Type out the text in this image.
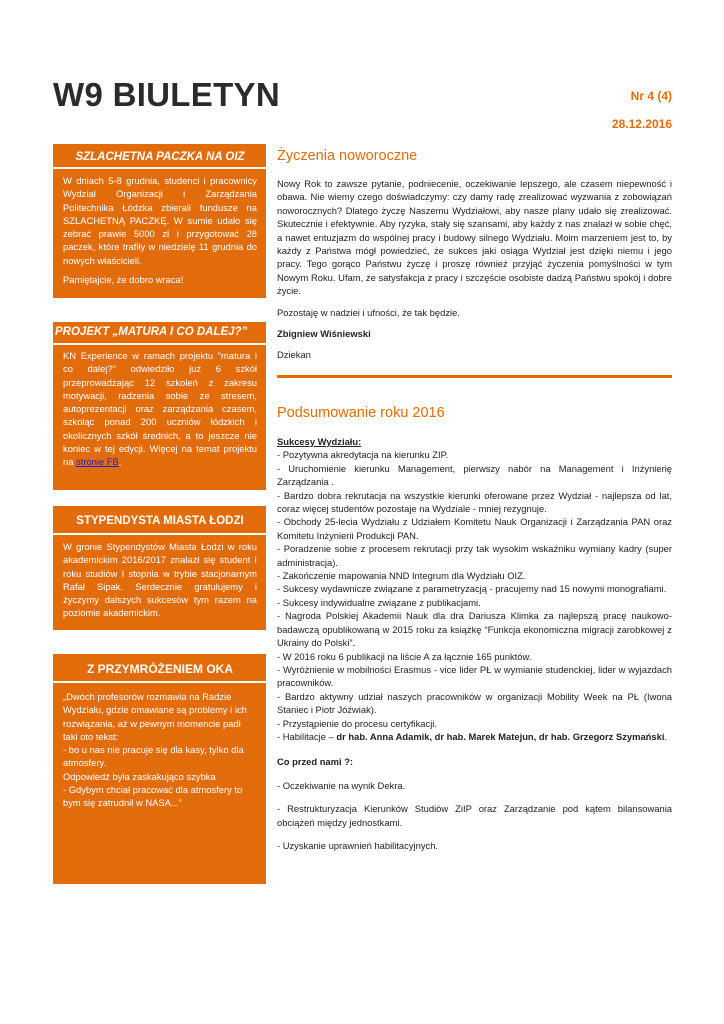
W9 BIULETYN	Nr 4 (4)
28.12.2016
SZLACHETNA PACZKA NA OIZ

W dniach 5-8 grudnia, studenci i pracownicy Wydział Organizacji i Zarządzania Politechnika Łódzka zbierali fundusze na SZLACHETNĄ PACZKĘ. W sumie udało się zebrać prawie 5000 zł i przygotować 28 paczek, które trafiły w niedzielę 11 grudnia do nowych właścicieli.

Pamiętajcie, że dobro wraca!

PROJEKT „MATURA I CO DALEJ?”

KN Experience w ramach projektu "matura i co dalej?" odwiedziło już 6 szkół przeprowadzając 12 szkoleń z zakresu motywacji, radzenia sobie ze stresem, autoprezentacji oraz zarządzania czasem, szkoląc ponad 200 uczniów łódzkich i okolicznych szkół średnich, a to jeszcze nie koniec w tej edycji. Więcej na temat projektu na stronie FB.

STYPENDYSTA MIASTA ŁODZI

W gronie Stypendystów Miasta Łodzi w roku akademickim 2016/2017 znalazł się student I roku studiów I stopnia w trybie stacjonarnym Rafał Sipak. Serdecznie gratulujemy i życzymy dalszych sukcesów tym razem na poziomie akademickim.

Z PRZYMRÓŻENIEM OKA

„Dwóch profesorów rozmawia na Radzie Wydziału, gdzie omawiane są problemy i ich rozwiązania, aż w pewnym momencie padł taki oto tekst:

- bo u nas nie pracuje się dla kasy, tylko dla atmosfery.

Odpowiedź była zaskakująco szybka

- Gdybym chciał pracować dla atmosfery to bym się zatrudnił w NASA...”

Życzenia noworoczne

Nowy Rok to zawsze pytanie, podniecenie, oczekiwanie lepszego, ale czasem niepewność i obawa. Nie wiemy czego doświadczymy: czy damy radę zrealizować wyzwania z zobowiązań noworocznych? Dlatego życzę Naszemu Wydziałowi, aby nasze plany udało się zrealizować. Skutecznie i efektywnie. Aby ryzyka, stały się szansami, aby każdy z nas znalazł w sobie chęć, a nawet entuzjazm do wspólnej pracy i budowy silnego Wydziału. Moim marzeniem jest to, by każdy z Państwa mógł powiedzieć, że sukces jaki osiąga Wydział jest dzięki niemu i jego pracy. Tego gorąco Państwu życzę i proszę również przyjąć życzenia pomyślności w tym Nowym Roku. Ufam, że satysfakcja z pracy i szczęście osobiste dadzą Państwu spokój i dobre życie.

Pozostaję w nadziei i ufności, że tak będzie.

Zbigniew Wiśniewski

Dziekan

Podsumowanie roku 2016

Sukcesy Wydziału:

- Pozytywna akredytacja na kierunku ZIP.

- Uruchomienie kierunku Management, pierwszy nabór na Management i Inżynierię Zarządzania .

- Bardzo dobra rekrutacja na wszystkie kierunki oferowane przez Wydział - najlepsza od lat, coraz więcej studentów pozostaje na Wydziale - mniej rezygnuje.

- Obchody 25-lecia Wydziału z Udziałem Komitetu Nauk Organizacji i Zarządzania PAN oraz Komitetu Inżynierii Produkcji PAN.

- Poradzenie sobie z procesem rekrutacji przy tak wysokim wskaźniku wymiany kadry (super administracja).

- Zakończenie mapowania NND Integrum dla Wydziału OIZ.

- Sukcesy wydawnicze związane z parametryzacją - pracujemy nad 15 nowymi monografiami.

- Sukcesy indywidualne związane z publikacjami.

- Nagroda Polskiej Akademii Nauk dla dra Dariusza Klimka za najlepszą pracę naukowo-badawczą opublikowaną w 2015 roku za książkę “Funkcja ekonomiczna migracji zarobkowej z Ukrainy do Polski”.

- W 2016 roku 6 publikacji na liście A za łącznie 165 punktów.

- Wyróżnienie w mobilności Erasmus - vice lider PŁ w wymianie studenckiej, lider w wyjazdach pracowników.

- Bardzo aktywny udział naszych pracowników w organizacji Mobility Week na PŁ (Iwona Staniec i Piotr Jóźwiak).

- Przystąpienie do procesu certyfikacji.

- Habilitacje – dr hab. Anna Adamik, dr hab. Marek Matejun, dr hab. Grzegorz Szymański.

Co przed nami ?:

- Oczekiwanie na wynik Dekra.

- Restrukturyzacja Kierunków Studiów ZiIP oraz Zarządzanie pod kątem bilansowania obciążeń między jednostkami.

- Uzyskanie uprawnień habilitacyjnych.
